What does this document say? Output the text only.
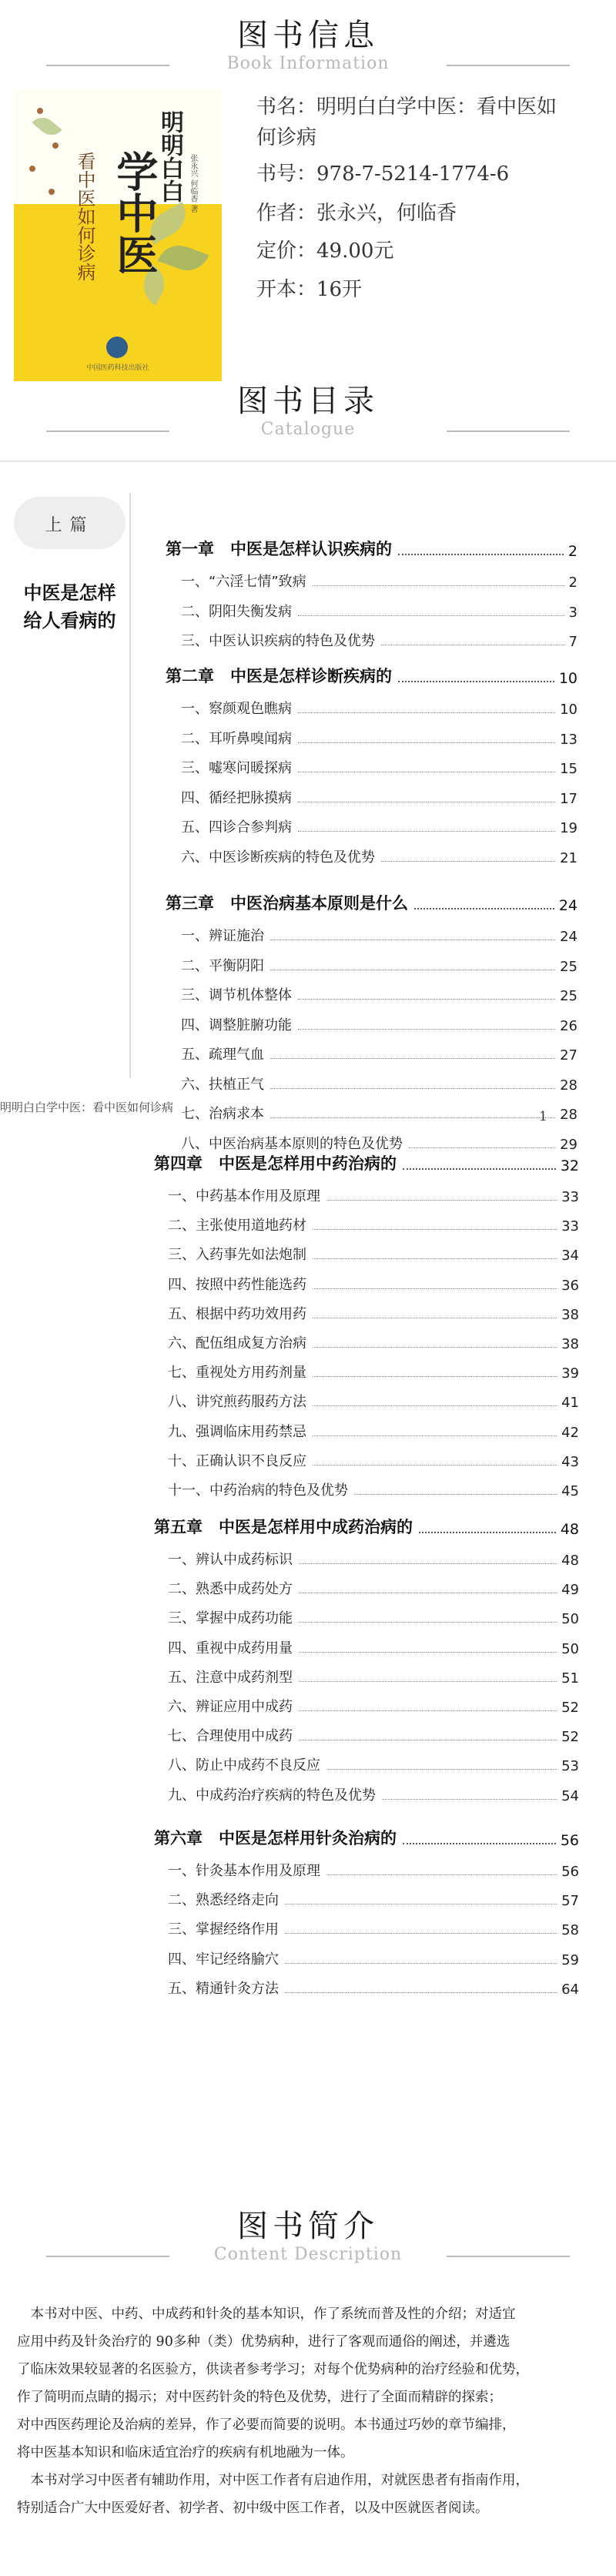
图书信息
Book Information
明明白白
学中医
看中医如何诊病	张永兴 何临香 著
中国医药科技出版社
书名：明明白白学中医：看中医如
何诊病
书号：978-7-5214-1774-6
作者：张永兴，何临香
定价：49.00元
开本：16开
图书目录
Catalogue
上篇
中医是怎样
给人看病的
明明白白学中医：看中医如何诊病
1
第一章　中医是怎样认识疾病的	2
一、“六淫七情”致病	2
二、阴阳失衡发病	3
三、中医认识疾病的特色及优势	7
第二章　中医是怎样诊断疾病的	10
一、察颜观色瞧病	10
二、耳听鼻嗅闻病	13
三、嘘寒问暖探病	15
四、循经把脉摸病	17
五、四诊合参判病	19
六、中医诊断疾病的特色及优势	21
第三章　中医治病基本原则是什么	24
一、辨证施治	24
二、平衡阴阳	25
三、调节机体整体	25
四、调整脏腑功能	26
五、疏理气血	27
六、扶植正气	28
七、治病求本	28
八、中医治病基本原则的特色及优势	29
第四章　中医是怎样用中药治病的	32
一、中药基本作用及原理	33
二、主张使用道地药材	33
三、入药事先如法炮制	34
四、按照中药性能选药	36
五、根据中药功效用药	38
六、配伍组成复方治病	38
七、重视处方用药剂量	39
八、讲究煎药服药方法	41
九、强调临床用药禁忌	42
十、正确认识不良反应	43
十一、中药治病的特色及优势	45
第五章　中医是怎样用中成药治病的	48
一、辨认中成药标识	48
二、熟悉中成药处方	49
三、掌握中成药功能	50
四、重视中成药用量	50
五、注意中成药剂型	51
六、辨证应用中成药	52
七、合理使用中成药	52
八、防止中成药不良反应	53
九、中成药治疗疾病的特色及优势	54
第六章　中医是怎样用针灸治病的	56
一、针灸基本作用及原理	56
二、熟悉经络走向	57
三、掌握经络作用	58
四、牢记经络腧穴	59
五、精通针灸方法	64
图书简介
Content Description
　本书对中医、中药、中成药和针灸的基本知识，作了系统而普及性的介绍；对适宜
应用中药及针灸治疗的 90多种（类）优势病种，进行了客观而通俗的阐述，并遴选
了临床效果较显著的名医验方，供读者参考学习；对每个优势病种的治疗经验和优势，
作了简明而点睛的揭示；对中医药针灸的特色及优势，进行了全面而精辟的探索；
对中西医药理论及治病的差异，作了必要而简要的说明。本书通过巧妙的章节编排，
将中医基本知识和临床适宜治疗的疾病有机地融为一体。
　本书对学习中医者有辅助作用，对中医工作者有启迪作用，对就医患者有指南作用，
特别适合广大中医爱好者、初学者、初中级中医工作者，以及中医就医者阅读。
